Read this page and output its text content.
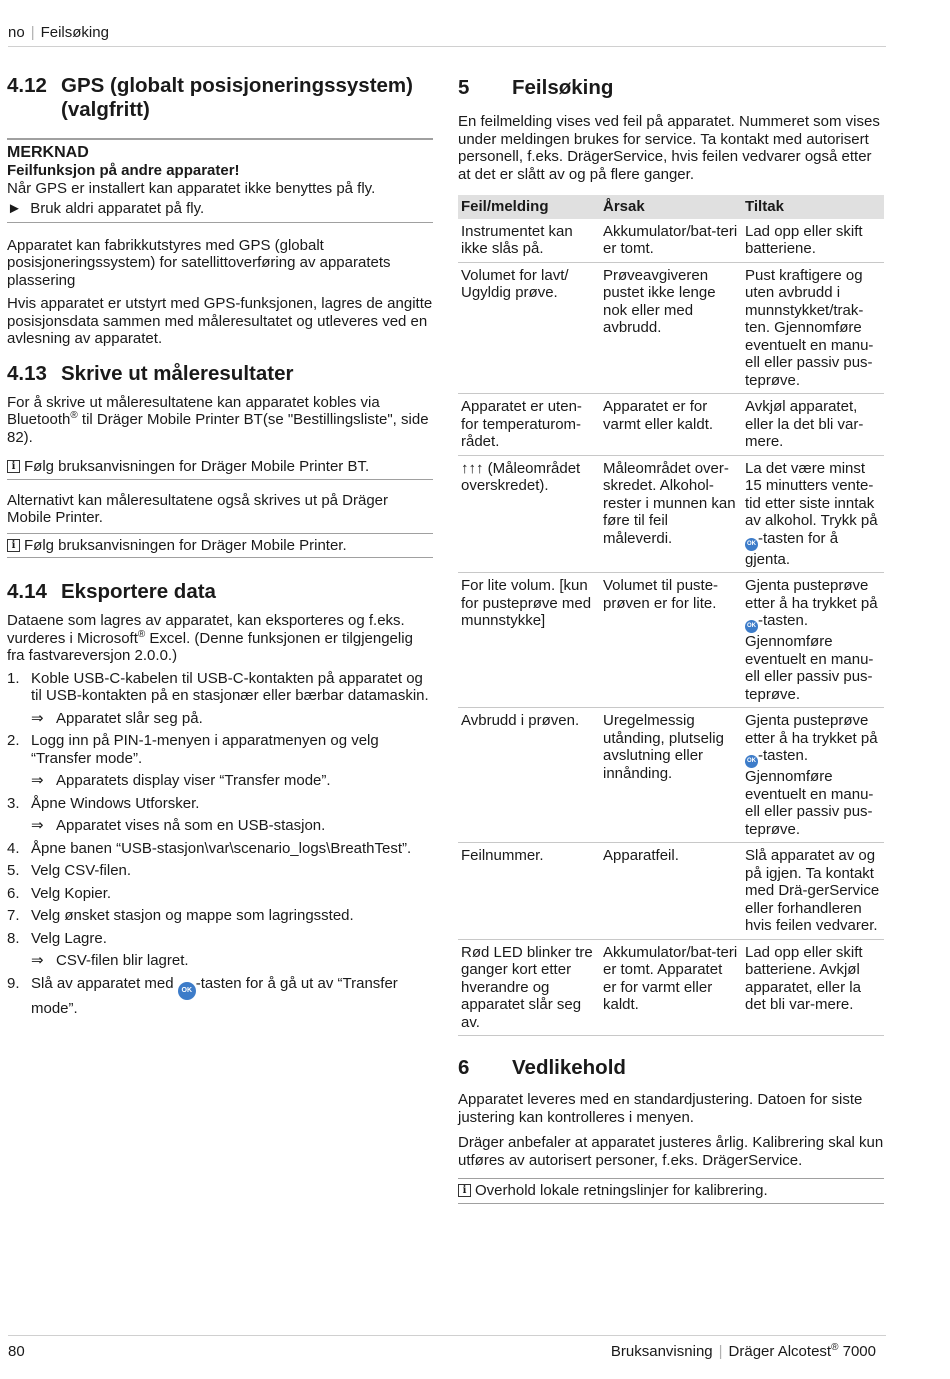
no | Feilsøking
4.12 GPS (globalt posisjoneringssystem) (valgfritt)
MERKNAD
Feilfunksjon på andre apparater!
Når GPS er installert kan apparatet ikke benyttes på fly.
►  Bruk aldri apparatet på fly.

Apparatet kan fabrikkutstyres med GPS (globalt posisjoneringssystem) for satellittoverføring av apparatets plassering

Hvis apparatet er utstyrt med GPS-funksjonen, lagres de angitte posisjonsdata sammen med måleresultatet og utleveres ved en avlesning av apparatet.

4.13 Skrive ut måleresultater

For å skrive ut måleresultatene kan apparatet kobles via Bluetooth® til Dräger Mobile Printer BT(se "Bestillingsliste", side 82).

i Følg bruksanvisningen for Dräger Mobile Printer BT.

Alternativt kan måleresultatene også skrives ut på Dräger Mobile Printer.

i Følg bruksanvisningen for Dräger Mobile Printer.
4.14 Eksportere data

Dataene som lagres av apparatet, kan eksporteres og f.eks. vurderes i Microsoft® Excel. (Denne funksjonen er tilgjengelig fra fastvareversjon 2.0.0.)

1. Koble USB-C-kabelen til USB-C-kontakten på apparatet og til USB-kontakten på en stasjonær eller bærbar datamaskin.
⇒ Apparatet slår seg på.
2. Logg inn på PIN-1-menyen i apparatmenyen og velg “Transfer mode”.
⇒ Apparatets display viser “Transfer mode”.
3. Åpne Windows Utforsker.
⇒ Apparatet vises nå som en USB-stasjon.
4. Åpne banen “USB-stasjon\var\scenario_logs\BreathTest”.
5. Velg CSV-filen.
6. Velg Kopier.
7. Velg ønsket stasjon og mappe som lagringssted.
8. Velg Lagre.
⇒ CSV-filen blir lagret.
9. Slå av apparatet med OK -tasten for å gå ut av “Transfer mode”.
5	Feilsøking

En feilmelding vises ved feil på apparatet. Nummeret som vises under meldingen brukes for service. Ta kontakt med autorisert personell, f.eks. DrägerService, hvis feilen vedvarer også etter at det er slått av og på flere ganger.

Feil/melding	Årsak	Tiltak
Instrumentet kan ikke slås på.	Akkumulator/bat-teri er tomt.	Lad opp eller skift batteriene.
Volumet for lavt/ Ugyldig prøve.	Prøveavgiveren pustet ikke lenge nok eller med avbrudd.	Pust kraftigere og uten avbrudd i munnstykket/trak-ten. Gjennomføre eventuelt en manu-ell eller passiv pus-teprøve.
Apparatet er uten-for temperaturom-rådet.	Apparatet er for varmt eller kaldt.	Avkjøl apparatet, eller la det bli var-mere.
↑↑↑ (Måleområdet overskredet).	Måleområdet over-skredet. Alkohol-rester i munnen kan føre til feil måleverdi.	La det være minst 15 minutters vente-tid etter siste inntak av alkohol. Trykk på OK -tasten for å gjenta.
For lite volum. [kun for pusteprøve med munnstykke]	Volumet til puste-prøven er for lite.	Gjenta pusteprøve etter å ha trykket på OK -tasten. Gjennomføre eventuelt en manu-ell eller passiv pus-teprøve.
Avbrudd i prøven.	Uregelmessig utånding, plutselig avslutning eller innånding.	Gjenta pusteprøve etter å ha trykket på OK -tasten. Gjennomføre eventuelt en manu-ell eller passiv pus-teprøve.
Feilnummer.	Apparatfeil.	Slå apparatet av og på igjen. Ta kontakt med Drä-gerService eller forhandleren hvis feilen vedvarer.
Rød LED blinker tre ganger kort etter hverandre og apparatet slår seg av.	Akkumulator/bat-teri er tomt. Apparatet er for varmt eller kaldt.	Lad opp eller skift batteriene. Avkjøl apparatet, eller la det bli var-mere.
6	Vedlikehold

Apparatet leveres med en standardjustering. Datoen for siste justering kan kontrolleres i menyen.

Dräger anbefaler at apparatet justeres årlig. Kalibrering skal kun utføres av autorisert personer, f.eks. DrägerService.

i Overhold lokale retningslinjer for kalibrering.
80	Bruksanvisning | Dräger Alcotest® 7000
